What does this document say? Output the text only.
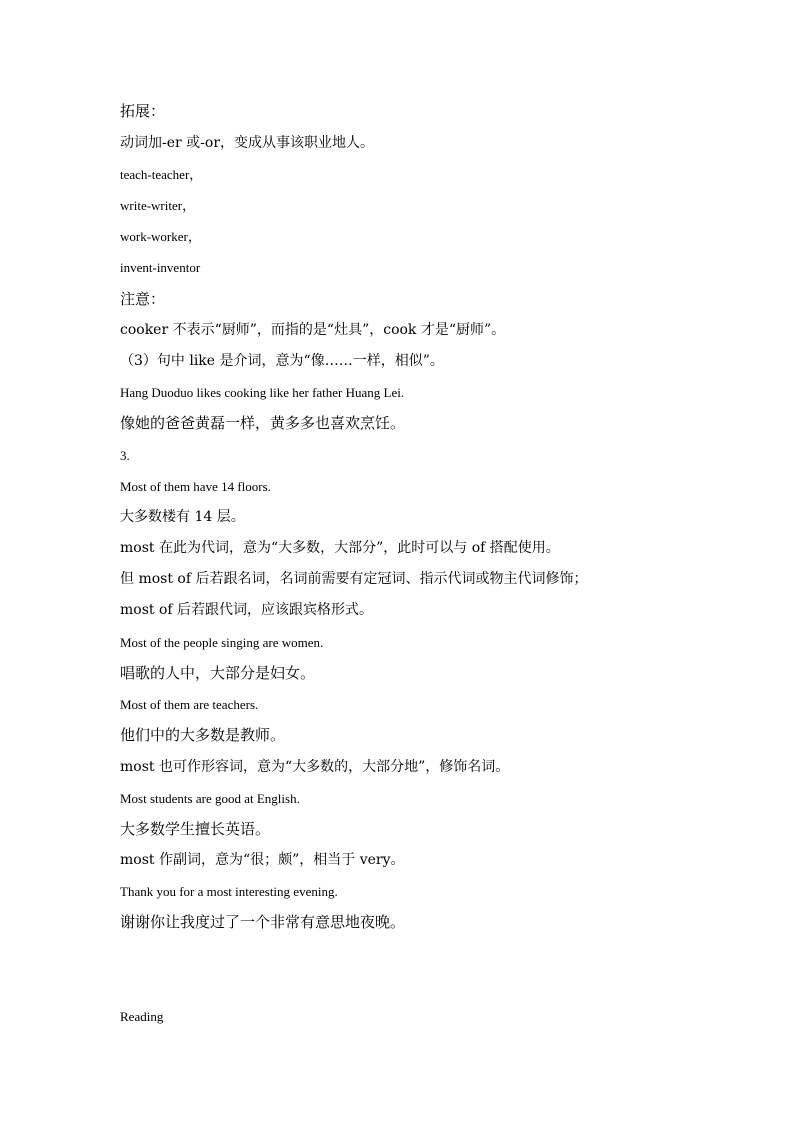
拓展：
动词加-er 或-or，变成从事该职业地人。
teach-teacher，
write-writer，
work-worker，
invent-inventor
注意：
cooker 不表示“厨师”，而指的是“灶具”，cook 才是“厨师”。
（3）句中 like 是介词，意为“像……一样，相似”。
Hang Duoduo likes cooking like her father Huang Lei.
像她的爸爸黄磊一样，黄多多也喜欢烹饪。
3.
Most of them have 14 floors.
大多数楼有 14 层。
most 在此为代词，意为“大多数，大部分”，此时可以与 of 搭配使用。
但 most of 后若跟名词，名词前需要有定冠词、指示代词或物主代词修饰；
most of 后若跟代词，应该跟宾格形式。
Most of the people singing are women.
唱歌的人中，大部分是妇女。
Most of them are teachers.
他们中的大多数是教师。
most 也可作形容词，意为“大多数的，大部分地”，修饰名词。
Most students are good at English.
大多数学生擅长英语。
most 作副词，意为“很；颇”，相当于 very。
Thank you for a most interesting evening.
谢谢你让我度过了一个非常有意思地夜晚。
Reading
